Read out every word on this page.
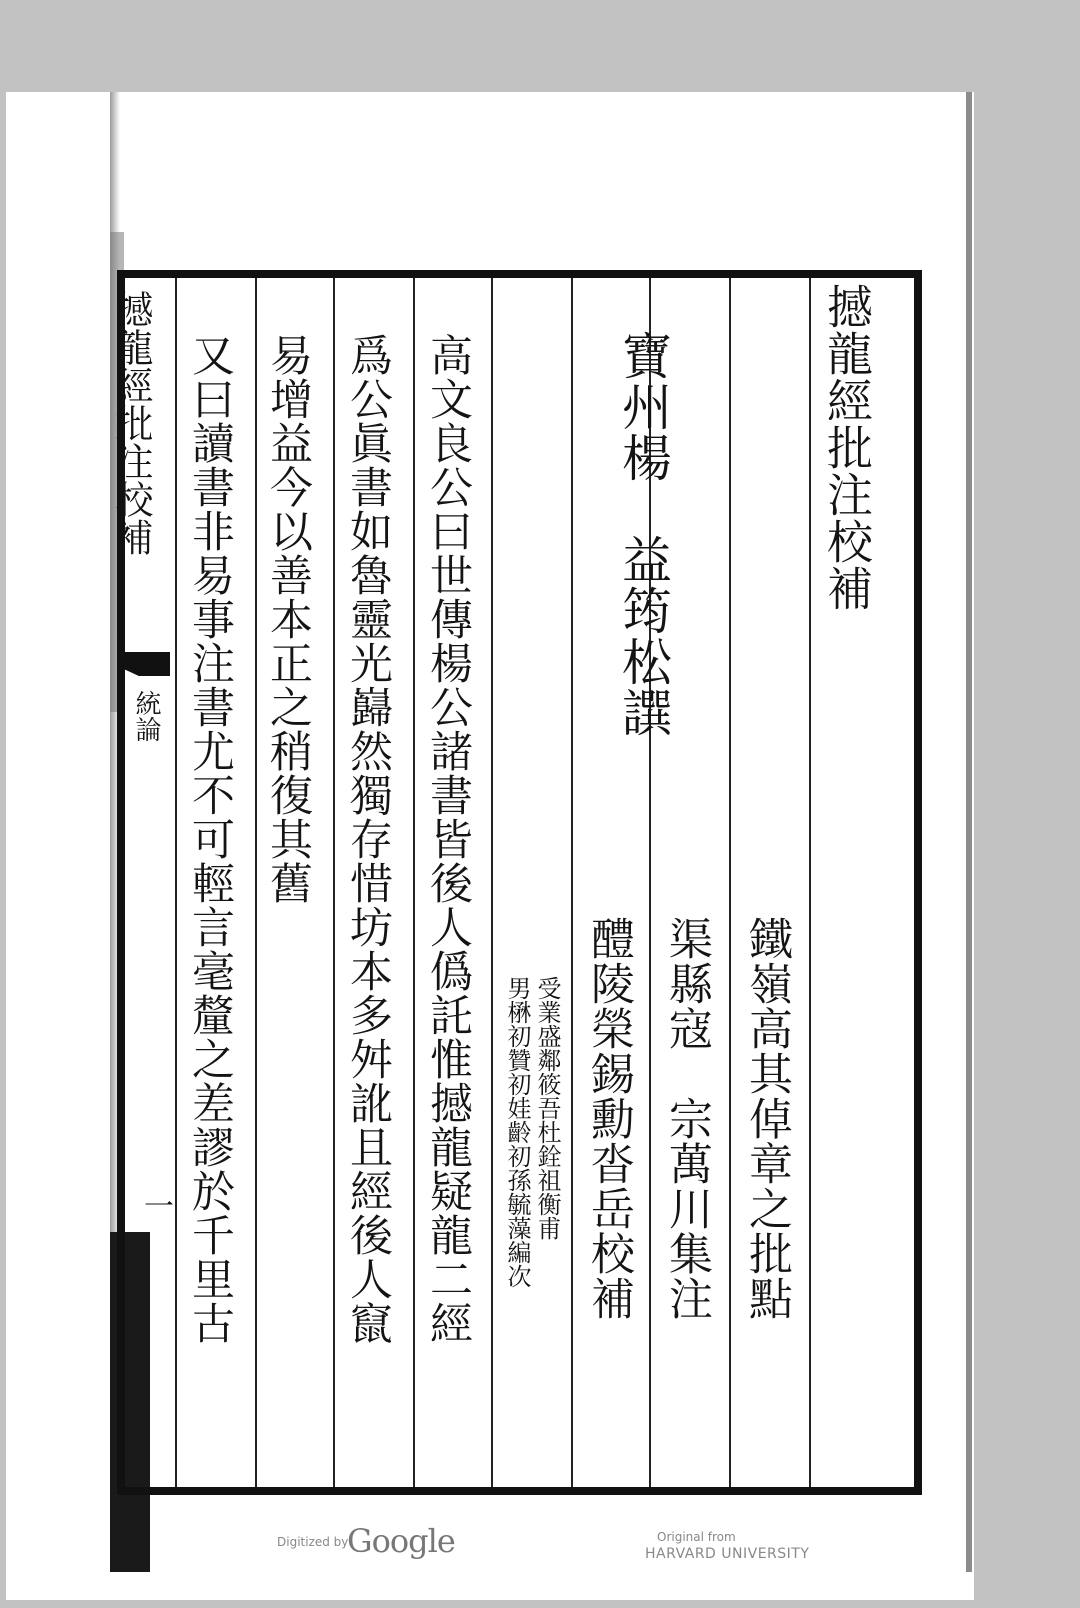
撼龍經批注校補
統論
一
撼龍經批注校補
寶州楊　益筠松譔
鐵嶺高其倬章之批點
渠縣寇　宗萬川集注
醴陵榮錫勳沓岳校補
受業盛鄰筱吾杜銓祖衡甫
男楙初贊初娃齡初孫毓藻編次
高文良公曰世傳楊公諸書皆後人僞託惟撼龍疑龍二經
爲公眞書如魯靈光巋然獨存惜坊本多舛訛且經後人竄
易增益今以善本正之稍復其舊
又曰讀書非易事注書尤不可輕言毫釐之差謬於千里古
Digitized by
Google	Original from
HARVARD UNIVERSITY
